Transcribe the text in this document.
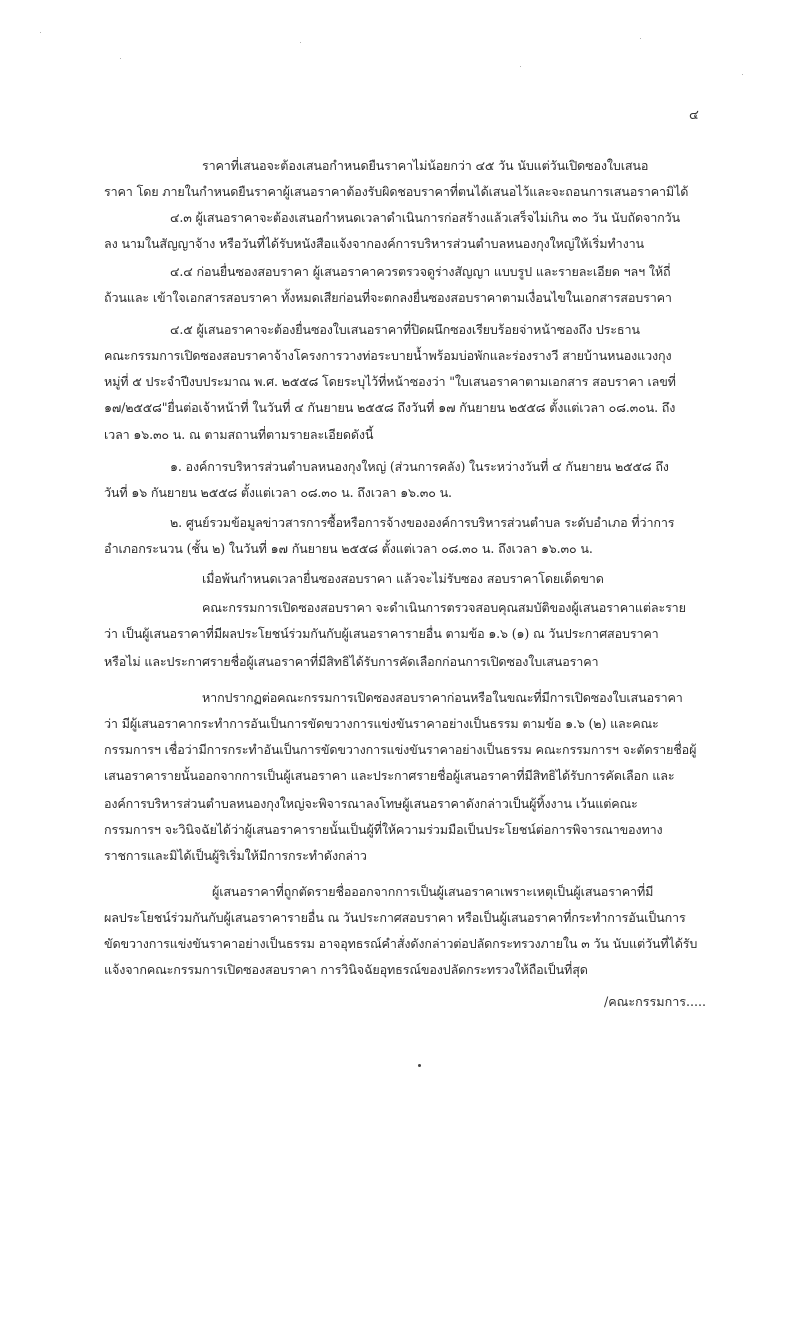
๔
ราคาที่เสนอจะต้องเสนอกำหนดยืนราคาไม่น้อยกว่า ๔๕ วัน นับแต่วันเปิดซองใบเสนอ
ราคา โดย ภายในกำหนดยืนราคาผู้เสนอราคาต้องรับผิดชอบราคาที่ตนได้เสนอไว้และจะถอนการเสนอราคามิได้
๔.๓ ผู้เสนอราคาจะต้องเสนอกำหนดเวลาดำเนินการก่อสร้างแล้วเสร็จไม่เกิน ๓๐ วัน นับถัดจากวัน
ลง นามในสัญญาจ้าง หรือวันที่ได้รับหนังสือแจ้งจากองค์การบริหารส่วนตำบลหนองกุงใหญ่ให้เริ่มทำงาน
๔.๔ ก่อนยื่นซองสอบราคา ผู้เสนอราคาควรตรวจดูร่างสัญญา แบบรูป และรายละเอียด ฯลฯ ให้ถี่
ถ้วนและ เข้าใจเอกสารสอบราคา ทั้งหมดเสียก่อนที่จะตกลงยื่นซองสอบราคาตามเงื่อนไขในเอกสารสอบราคา
๔.๕ ผู้เสนอราคาจะต้องยื่นซองใบเสนอราคาที่ปิดผนึกซองเรียบร้อยจ่าหน้าซองถึง ประธาน
คณะกรรมการเปิดซองสอบราคาจ้างโครงการวางท่อระบายน้ำพร้อมบ่อพักและร่องรางวี สายบ้านหนองแวงกุง
หมู่ที่ ๕ ประจำปีงบประมาณ พ.ศ. ๒๕๕๘ โดยระบุไว้ที่หน้าซองว่า "ใบเสนอราคาตามเอกสาร สอบราคา เลขที่
๑๗/๒๕๕๘"ยื่นต่อเจ้าหน้าที่ ในวันที่ ๔ กันยายน ๒๕๕๘ ถึงวันที่ ๑๗ กันยายน ๒๕๕๘ ตั้งแต่เวลา ๐๘.๓๐น. ถึง
เวลา ๑๖.๓๐ น. ณ ตามสถานที่ตามรายละเอียดดังนี้
๑. องค์การบริหารส่วนตำบลหนองกุงใหญ่ (ส่วนการคลัง) ในระหว่างวันที่ ๔ กันยายน ๒๕๕๘ ถึง
วันที่ ๑๖ กันยายน ๒๕๕๘ ตั้งแต่เวลา ๐๘.๓๐ น. ถึงเวลา ๑๖.๓๐ น.
๒. ศูนย์รวมข้อมูลข่าวสารการซื้อหรือการจ้างขององค์การบริหารส่วนตำบล ระดับอำเภอ ที่ว่าการ
อำเภอกระนวน (ชั้น ๒) ในวันที่ ๑๗ กันยายน ๒๕๕๘ ตั้งแต่เวลา ๐๘.๓๐ น. ถึงเวลา ๑๖.๓๐ น.
เมื่อพ้นกำหนดเวลายื่นซองสอบราคา แล้วจะไม่รับซอง สอบราคาโดยเด็ดขาด
คณะกรรมการเปิดซองสอบราคา จะดำเนินการตรวจสอบคุณสมบัติของผู้เสนอราคาแต่ละราย
ว่า เป็นผู้เสนอราคาที่มีผลประโยชน์ร่วมกันกับผู้เสนอราคารายอื่น ตามข้อ ๑.๖ (๑) ณ วันประกาศสอบราคา
หรือไม่ และประกาศรายชื่อผู้เสนอราคาที่มีสิทธิได้รับการคัดเลือกก่อนการเปิดซองใบเสนอราคา
หากปรากฏต่อคณะกรรมการเปิดซองสอบราคาก่อนหรือในขณะที่มีการเปิดซองใบเสนอราคา
ว่า มีผู้เสนอราคากระทำการอันเป็นการขัดขวางการแข่งขันราคาอย่างเป็นธรรม ตามข้อ ๑.๖ (๒) และคณะ
กรรมการฯ เชื่อว่ามีการกระทำอันเป็นการขัดขวางการแข่งขันราคาอย่างเป็นธรรม คณะกรรมการฯ จะตัดรายชื่อผู้
เสนอราคารายนั้นออกจากการเป็นผู้เสนอราคา และประกาศรายชื่อผู้เสนอราคาที่มีสิทธิได้รับการคัดเลือก และ
องค์การบริหารส่วนตำบลหนองกุงใหญ่จะพิจารณาลงโทษผู้เสนอราคาดังกล่าวเป็นผู้ทิ้งงาน เว้นแต่คณะ
กรรมการฯ จะวินิจฉัยได้ว่าผู้เสนอราคารายนั้นเป็นผู้ที่ให้ความร่วมมือเป็นประโยชน์ต่อการพิจารณาของทาง
ราชการและมิได้เป็นผู้ริเริ่มให้มีการกระทำดังกล่าว
ผู้เสนอราคาที่ถูกตัดรายชื่อออกจากการเป็นผู้เสนอราคาเพราะเหตุเป็นผู้เสนอราคาที่มี
ผลประโยชน์ร่วมกันกับผู้เสนอราคารายอื่น ณ วันประกาศสอบราคา หรือเป็นผู้เสนอราคาที่กระทำการอันเป็นการ
ขัดขวางการแข่งขันราคาอย่างเป็นธรรม อาจอุทธรณ์คำสั่งดังกล่าวต่อปลัดกระทรวงภายใน ๓ วัน นับแต่วันที่ได้รับ
แจ้งจากคณะกรรมการเปิดซองสอบราคา การวินิจฉัยอุทธรณ์ของปลัดกระทรวงให้ถือเป็นที่สุด
/คณะกรรมการ.....
